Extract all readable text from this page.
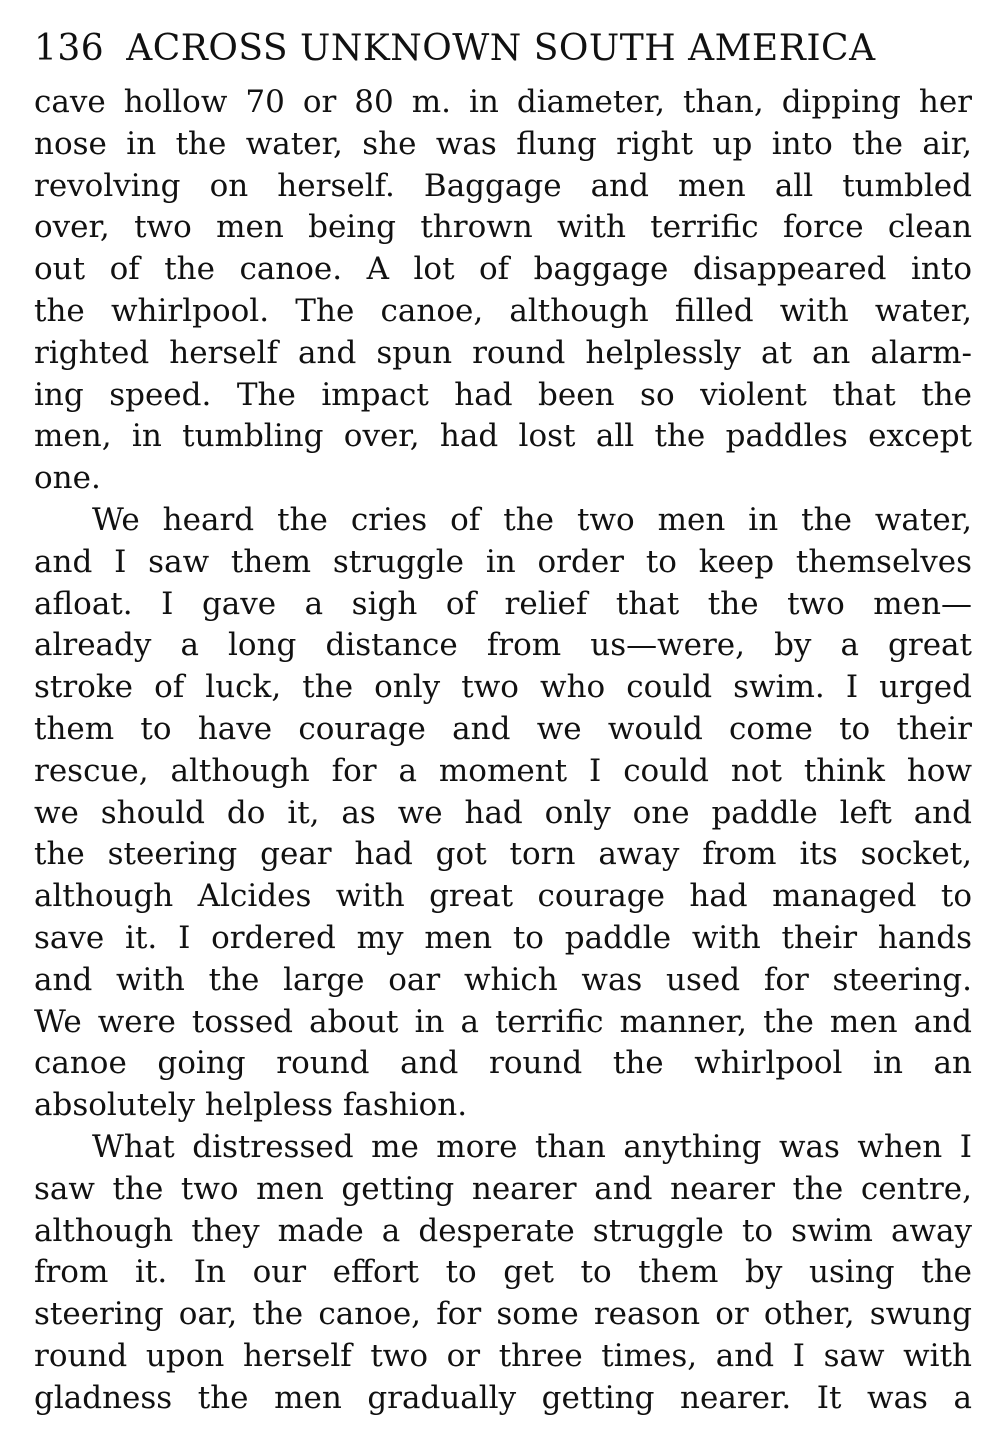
136 ACROSS UNKNOWN SOUTH AMERICA

cave hollow 70 or 80 m. in diameter, than, dipping her
nose in the water, she was flung right up into the air,
revolving on herself. Baggage and men all tumbled
over, two men being thrown with terrific force clean
out of the canoe. A lot of baggage disappeared into
the whirlpool. The canoe, although filled with water,
righted herself and spun round helplessly at an alarm-
ing speed. The impact had been so violent that the
men, in tumbling over, had lost all the paddles except
one.

We heard the cries of the two men in the water,
and I saw them struggle in order to keep themselves
afloat. I gave a sigh of relief that the two men—
already a long distance from us—were, by a great
stroke of luck, the only two who could swim. I urged
them to have courage and we would come to their
rescue, although for a moment I could not think how
we should do it, as we had only one paddle left and
the steering gear had got torn away from its socket,
although Alcides with great courage had managed to
save it. I ordered my men to paddle with their hands
and with the large oar which was used for steering.
We were tossed about in a terrific manner, the men and
canoe going round and round the whirlpool in an
absolutely helpless fashion.

What distressed me more than anything was when I
saw the two men getting nearer and nearer the centre,
although they made a desperate struggle to swim away
from it. In our effort to get to them by using the
steering oar, the canoe, for some reason or other, swung
round upon herself two or three times, and I saw with
gladness the men gradually getting nearer. It was a
